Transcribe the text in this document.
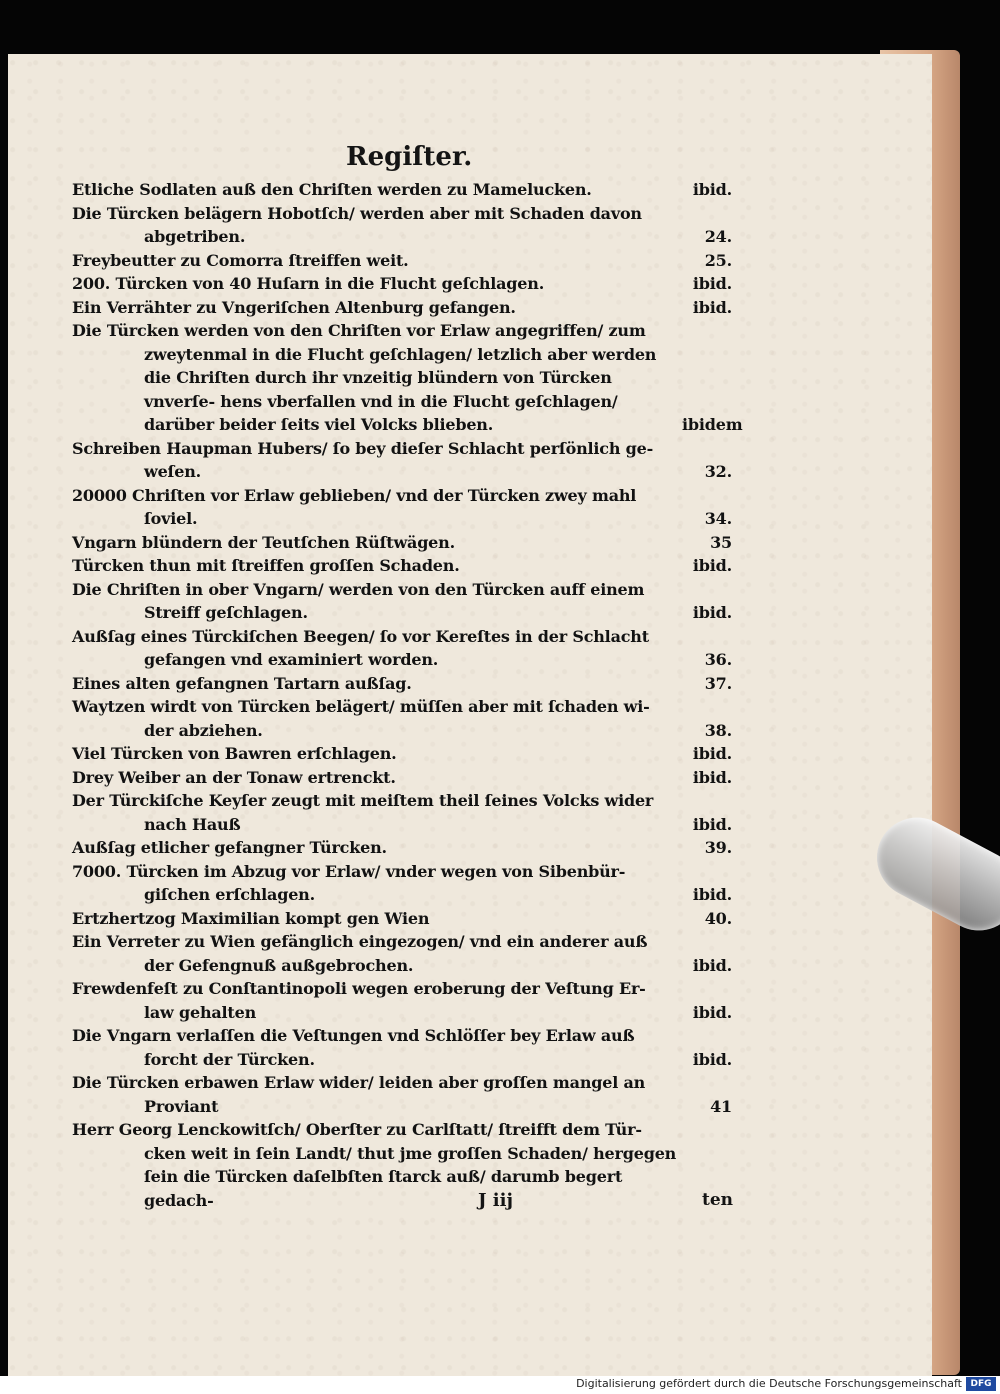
Regiſter.
Etliche Sodlaten auß den Chriſten werden zu Mamelucken.	ibid.
Die Türcken belägern Hobotſch/ werden aber mit Schaden davon
abgetriben.	24.
Freybeutter zu Comorra ſtreiffen weit.	25.
200. Türcken von 40 Huſarn in die Flucht geſchlagen.	ibid.
Ein Verrähter zu Vngeriſchen Altenburg gefangen.	ibid.
Die Türcken werden von den Chriſten vor Erlaw angegriffen/ zum
zweytenmal in die Flucht geſchlagen/ letzlich aber werden die Chriſten durch ihr vnzeitig blündern von Türcken vnverſe- hens vberfallen vnd in die Flucht geſchlagen/ darüber beider ſeits viel Volcks blieben.	ibidem
Schreiben Haupman Hubers/ ſo bey dieſer Schlacht perſönlich ge-
weſen.	32.
20000 Chriſten vor Erlaw geblieben/ vnd der Türcken zwey mahl
ſoviel.	34.
Vngarn blündern der Teutſchen Rüſtwägen.	35
Türcken thun mit ſtreiffen groſſen Schaden.	ibid.
Die Chriſten in ober Vngarn/ werden von den Türcken auff einem
Streiff geſchlagen.	ibid.
Außſag eines Türckiſchen Beegen/ ſo vor Kereſtes in der Schlacht
gefangen vnd examiniert worden.	36.
Eines alten gefangnen Tartarn außſag.	37.
Waytzen wirdt von Türcken belägert/ müſſen aber mit ſchaden wi-
der abziehen.	38.
Viel Türcken von Bawren erſchlagen.	ibid.
Drey Weiber an der Tonaw ertrenckt.	ibid.
Der Türckiſche Keyſer zeugt mit meiſtem theil ſeines Volcks wider
nach Hauß	ibid.
Außſag etlicher gefangner Türcken.	39.
7000. Türcken im Abzug vor Erlaw/ vnder wegen von Sibenbür-
giſchen erſchlagen.	ibid.
Ertzhertzog Maximilian kompt gen Wien	40.
Ein Verreter zu Wien gefänglich eingezogen/ vnd ein anderer auß
der Gefengnuß außgebrochen.	ibid.
Frewdenfeſt zu Conſtantinopoli wegen eroberung der Veſtung Er-
law gehalten	ibid.
Die Vngarn verlaſſen die Veſtungen vnd Schlöſſer bey Erlaw auß
forcht der Türcken.	ibid.
Die Türcken erbawen Erlaw wider/ leiden aber groſſen mangel an
Proviant	41
Herr Georg Lenckowitſch/ Oberſter zu Carlſtatt/ ſtreifft dem Tür-
cken weit in ſein Landt/ thut jme groſſen Schaden/ hergegen ſein die Türcken daſelbſten ſtarck auß/ darumb begert gedach-	J iij	ten
Digitalisierung gefördert durch die Deutsche Forschungsgemeinschaft DFG
